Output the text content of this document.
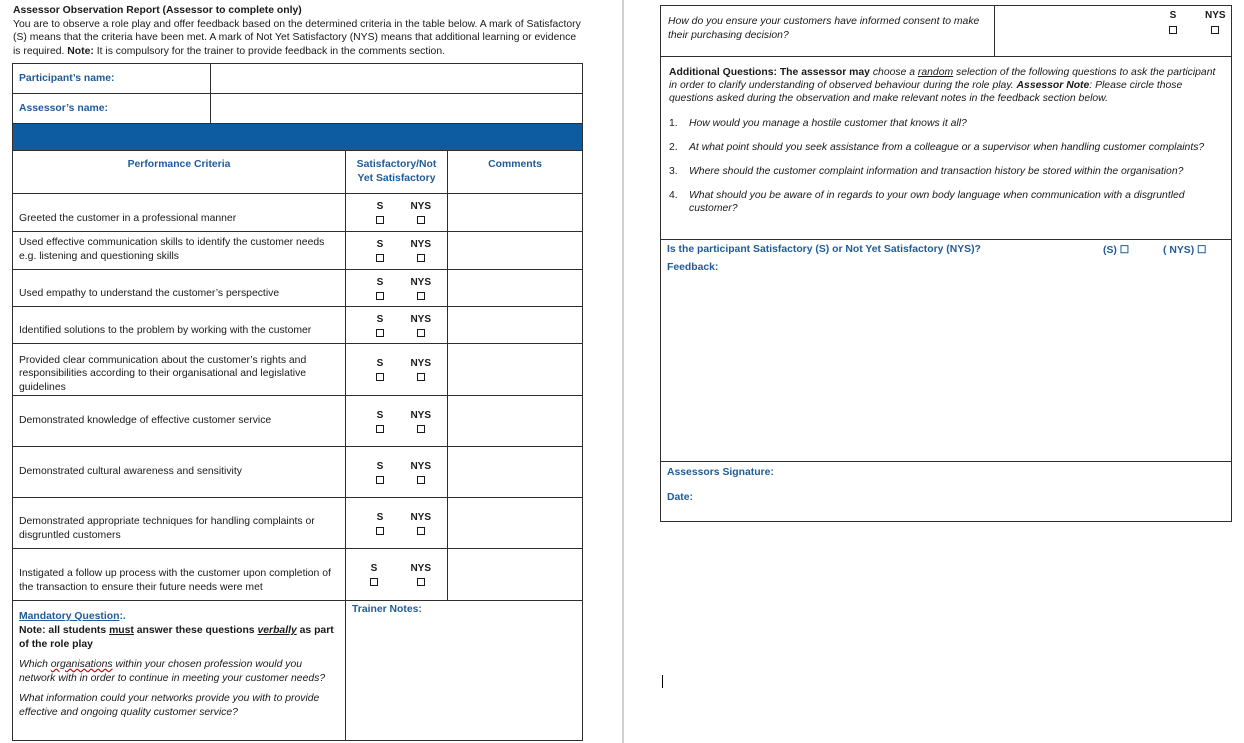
Assessor Observation Report (Assessor to complete only)
You are to observe a role play and offer feedback based on the determined criteria in the table below. A mark of Satisfactory (S) means that the criteria have been met. A mark of Not Yet Satisfactory (NYS) means that additional learning or evidence is required. Note: It is compulsory for the trainer to provide feedback in the comments section.
Participant’s name:			
Assessor’s name:			

Performance Criteria		Satisfactory/Not Yet Satisfactory	Comments
Greeted the customer in a professional manner		S NYS	

Used effective communication skills to identify the customer needs e.g. listening and questioning skills		S NYS	

Used empathy to understand the customer’s perspective		S NYS	

Identified solutions to the problem by working with the customer		S NYS	

Provided clear communication about the customer’s rights and responsibilities according to their organisational and legislative guidelines		S NYS	

Demonstrated knowledge of effective customer service		S NYS	

Demonstrated cultural awareness and sensitivity		S NYS	

Demonstrated appropriate techniques for handling complaints or disgruntled customers		S NYS	

Instigated a follow up process with the customer upon completion of the transaction to ensure their future needs were met		S NYS	

Mandatory Question:.
Note: all students must answer these questions verbally as part of the role play
Which organisations within your chosen profession would you network with in order to continue in meeting your customer needs?
What information could your networks provide you with to provide effective and ongoing quality customer service?		Trainer Notes:	
How do you ensure your customers have informed consent to make their purchasing decision?	
S	NYS

Additional Questions: The assessor may choose a random selection of the following questions to ask the participant in order to clarify understanding of observed behaviour during the role play. Assessor Note: Please circle those questions asked during the observation and make relevant notes in the feedback section below.
1.	How would you manage a hostile customer that knows it all?
2.	At what point should you seek assistance from a colleague or a supervisor when handling customer complaints?
3.	Where should the customer complaint information and transaction history be stored within the organisation?
4.	What should you be aware of in regards to your own body language when communication with a disgruntled customer?

Is the participant Satisfactory (S) or Not Yet Satisfactory (NYS)?	(S) ☐	( NYS) ☐
Feedback:

Assessors Signature:
Date:
